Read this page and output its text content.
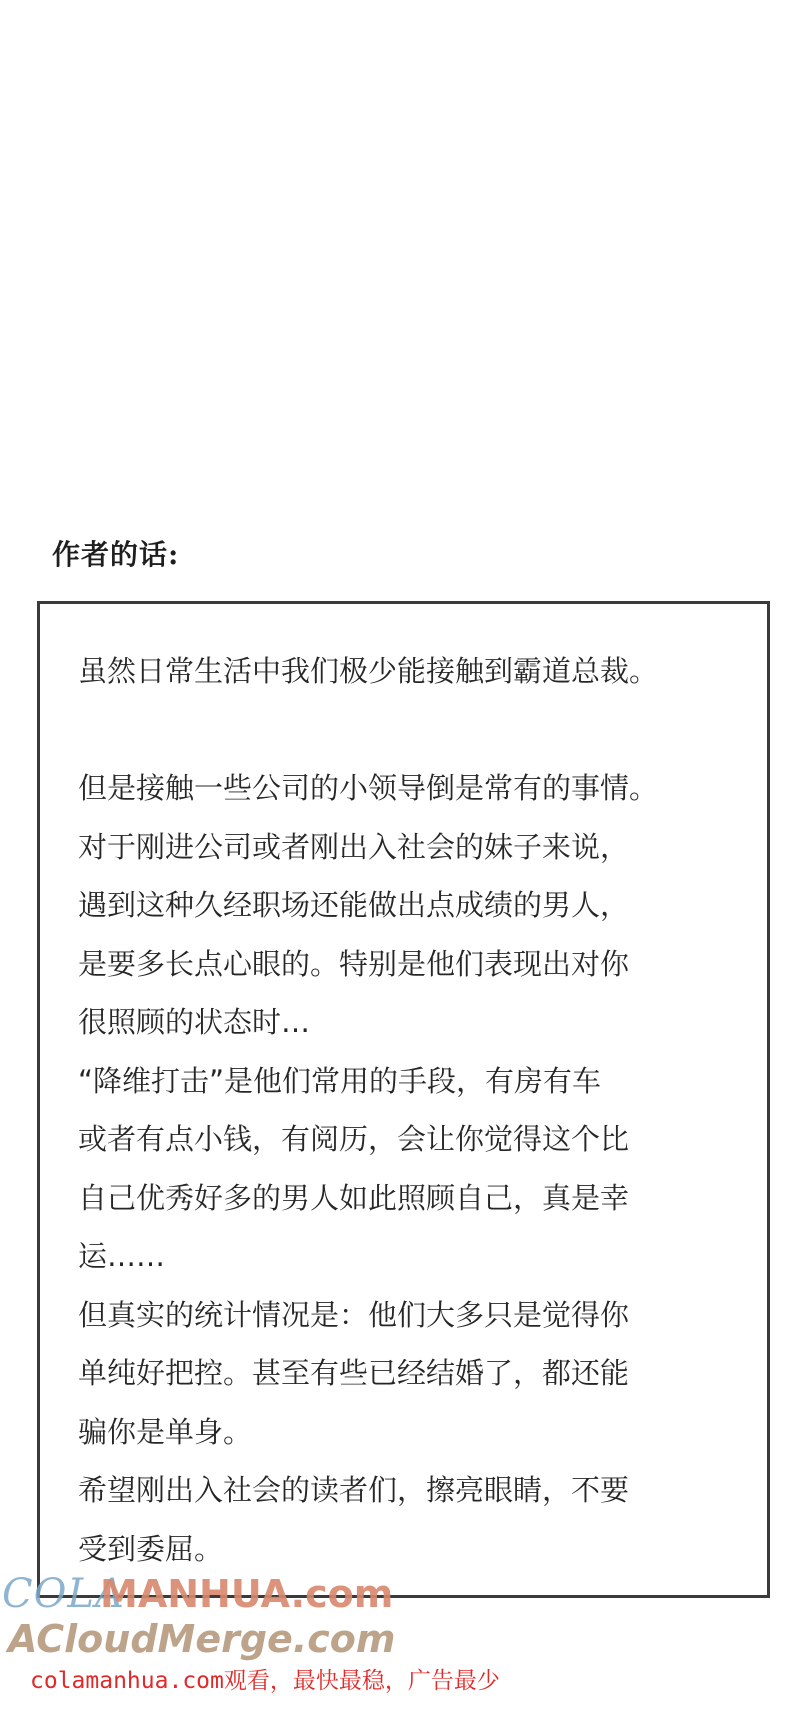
作者的话:
虽然日常生活中我们极少能接触到霸道总裁。
但是接触一些公司的小领导倒是常有的事情。
对于刚进公司或者刚出入社会的妹子来说，
遇到这种久经职场还能做出点成绩的男人，
是要多长点心眼的。特别是他们表现出对你
很照顾的状态时…
“降维打击”是他们常用的手段，有房有车
或者有点小钱，有阅历，会让你觉得这个比
自己优秀好多的男人如此照顾自己，真是幸
运……
但真实的统计情况是：他们大多只是觉得你
单纯好把控。甚至有些已经结婚了，都还能
骗你是单身。
希望刚出入社会的读者们，擦亮眼睛，不要
受到委屈。
COLA
MANHUA.com
ACloudMerge.com
colamanhua.com观看，最快最稳，广告最少
